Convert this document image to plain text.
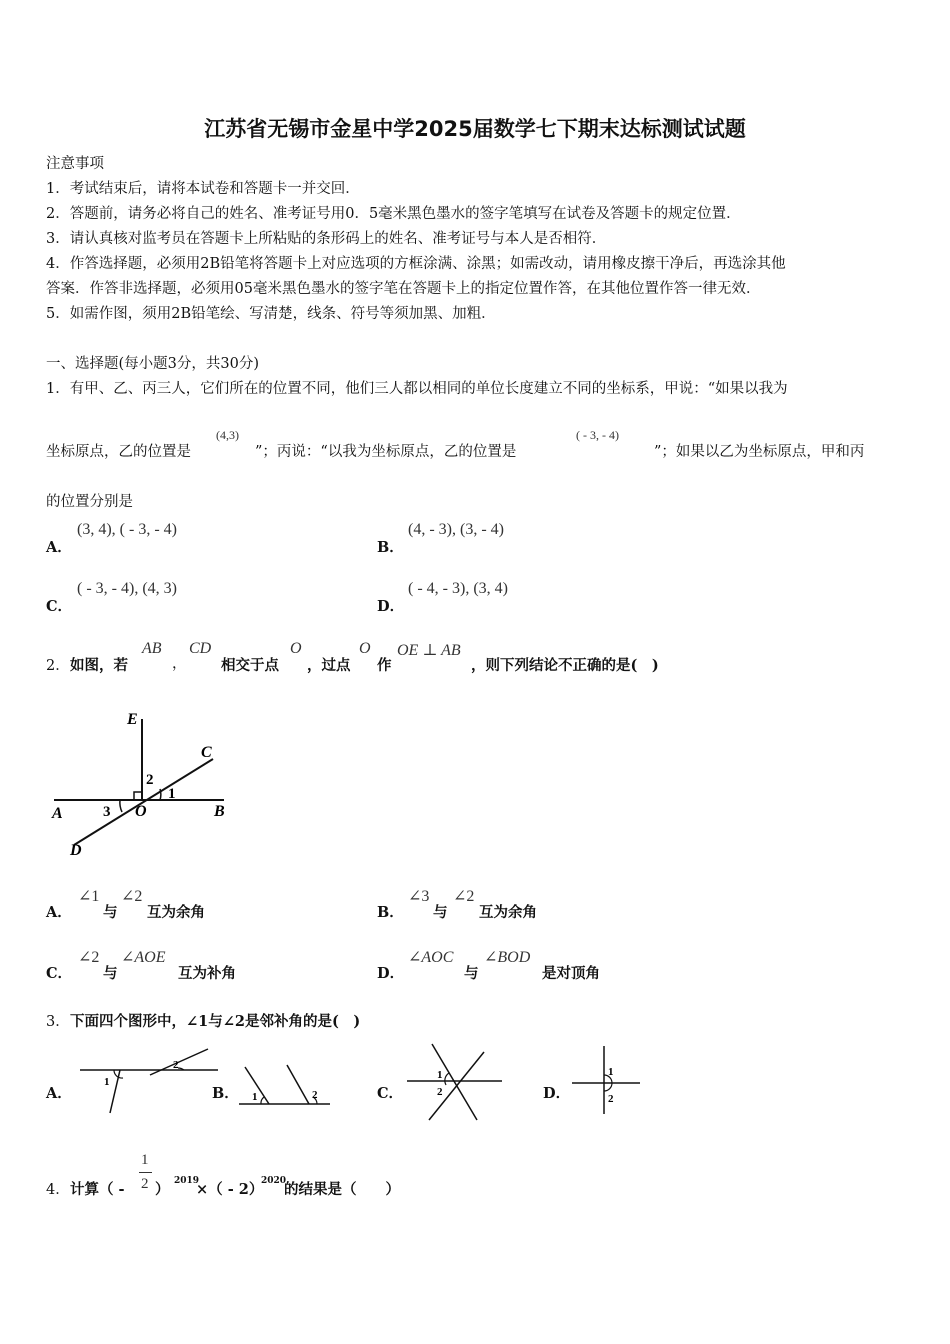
江苏省无锡市金星中学2025届数学七下期末达标测试试题
注意事项
1．考试结束后，请将本试卷和答题卡一并交回．
2．答题前，请务必将自己的姓名、准考证号用0．5毫米黑色墨水的签字笔填写在试卷及答题卡的规定位置．
3．请认真核对监考员在答题卡上所粘贴的条形码上的姓名、准考证号与本人是否相符．
4．作答选择题，必须用2B铅笔将答题卡上对应选项的方框涂满、涂黑；如需改动，请用橡皮擦干净后，再选涂其他
答案．作答非选择题，必须用05毫米黑色墨水的签字笔在答题卡上的指定位置作答，在其他位置作答一律无效．
5．如需作图，须用2B铅笔绘、写清楚，线条、符号等须加黑、加粗．
一、选择题(每小题3分，共30分)
1．有甲、乙、丙三人，它们所在的位置不同，他们三人都以相同的单位长度建立不同的坐标系，甲说：“如果以我为
坐标原点，乙的位置是
(4,3)
”；丙说：“以我为坐标原点，乙的位置是
( - 3, - 4)
”；如果以乙为坐标原点，甲和丙
的位置分别是
A．
(3, 4), ( - 3, - 4)
B．
(4, - 3), (3, - 4)
C．
( - 3, - 4), (4, 3)
D．
( - 4, - 3), (3, 4)
2． 如图，若
AB
，
CD
相交于点
O
，过点
O
作
OE ⊥ AB
，则下列结论不正确的是(　)
E
C
A	B
O
D
1
2
3
A．
∠1
与
∠2
互为余角	B．
∠3
与
∠2
互为余角
C．
∠2
与
∠AOE
互为补角	D．
∠AOC
与
∠BOD
是对顶角
3． 下面四个图形中，∠1与∠2是邻补角的是(　)
A．
1
2
B． 1	2	C．
1
2	D．
1
2
4． 计算（ -
1
2 ） 2019
×（ - 2）
2020
的结果是（　　）
